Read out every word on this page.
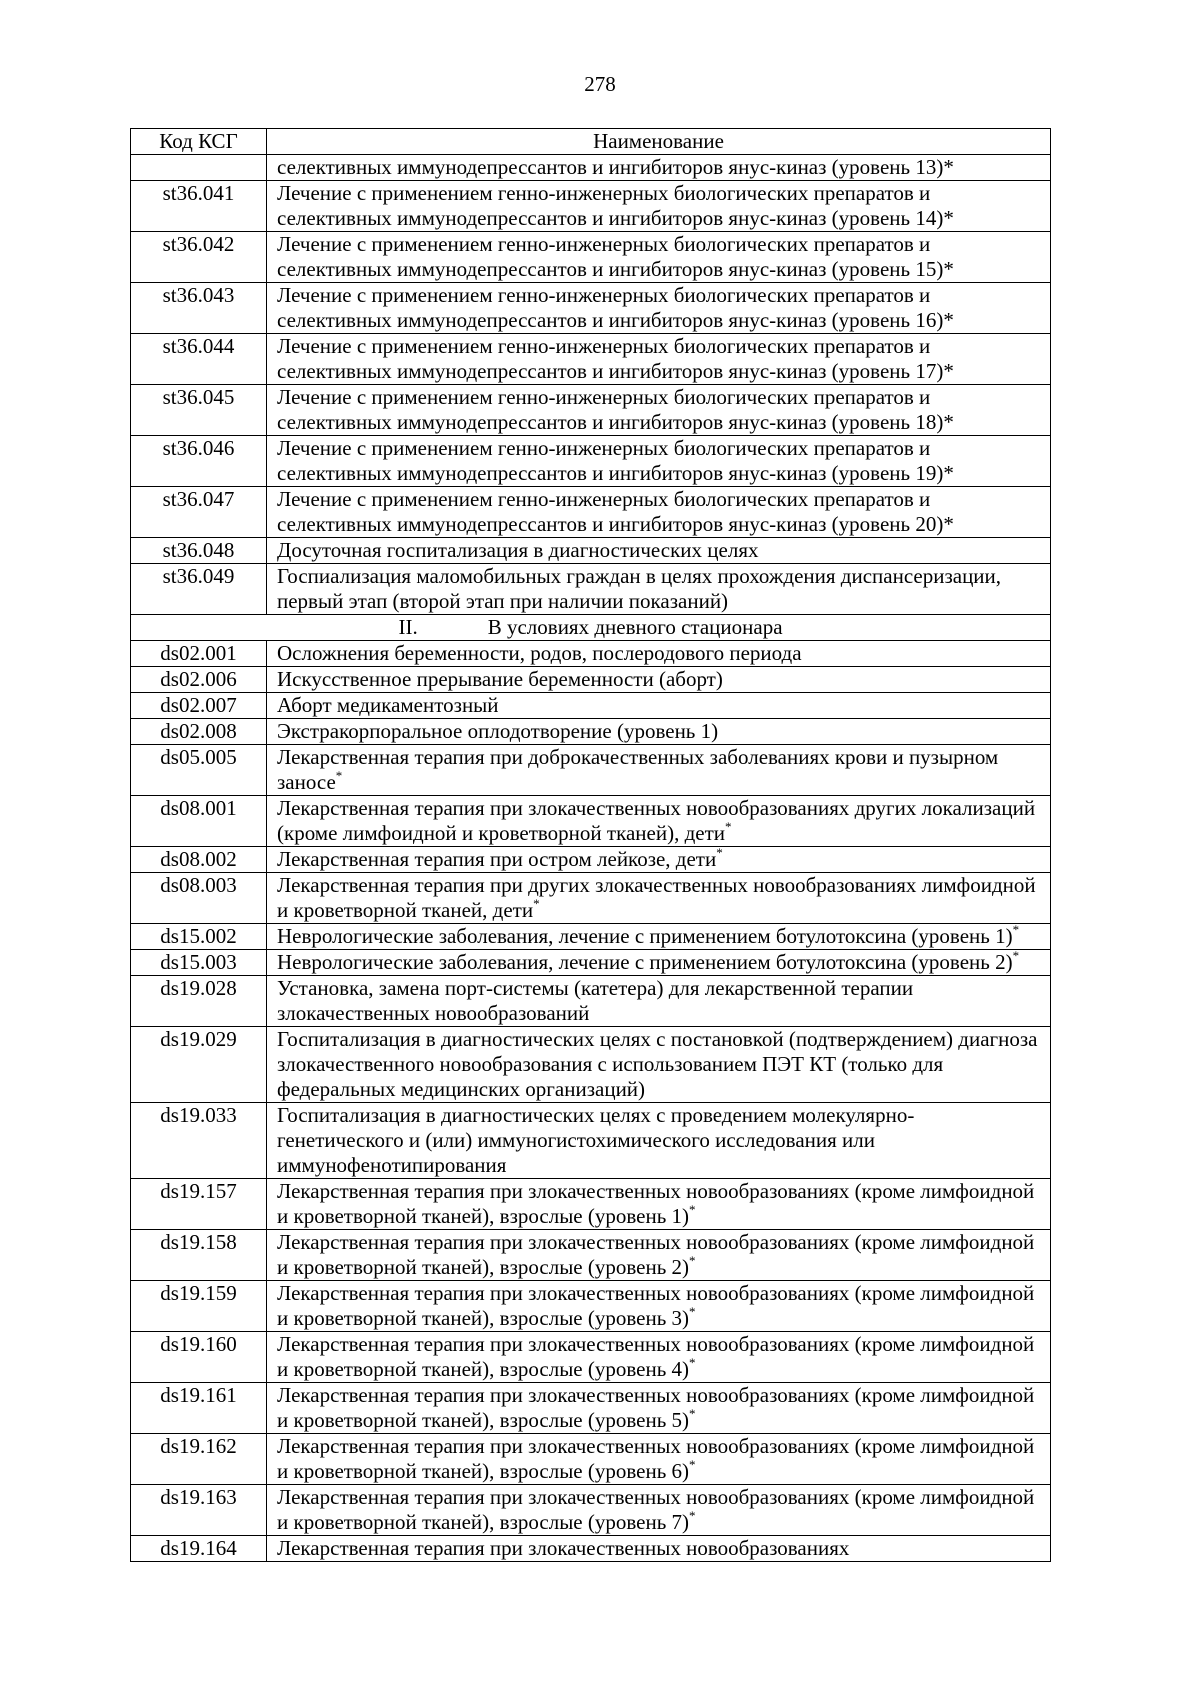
278
Код КСГ	Наименование
	селективных иммунодепрессантов и ингибиторов янус-киназ (уровень 13)*
st36.041	Лечение с применением генно-инженерных биологических препаратов и селективных иммунодепрессантов и ингибиторов янус-киназ (уровень 14)*
st36.042	Лечение с применением генно-инженерных биологических препаратов и селективных иммунодепрессантов и ингибиторов янус-киназ (уровень 15)*
st36.043	Лечение с применением генно-инженерных биологических препаратов и селективных иммунодепрессантов и ингибиторов янус-киназ (уровень 16)*
st36.044	Лечение с применением генно-инженерных биологических препаратов и селективных иммунодепрессантов и ингибиторов янус-киназ (уровень 17)*
st36.045	Лечение с применением генно-инженерных биологических препаратов и селективных иммунодепрессантов и ингибиторов янус-киназ (уровень 18)*
st36.046	Лечение с применением генно-инженерных биологических препаратов и селективных иммунодепрессантов и ингибиторов янус-киназ (уровень 19)*
st36.047	Лечение с применением генно-инженерных биологических препаратов и селективных иммунодепрессантов и ингибиторов янус-киназ (уровень 20)*
st36.048	Досуточная госпитализация в диагностических целях
st36.049	Госпиализация маломобильных граждан в целях прохождения диспансеризации, первый этап (второй этап при наличии показаний)
II. В условиях дневного стационара	
ds02.001	Осложнения беременности, родов, послеродового периода
ds02.006	Искусственное прерывание беременности (аборт)
ds02.007	Аборт медикаментозный
ds02.008	Экстракорпоральное оплодотворение (уровень 1)
ds05.005	Лекарственная терапия при доброкачественных заболеваниях крови и пузырном заносе*
ds08.001	Лекарственная терапия при злокачественных новообразованиях других локализаций (кроме лимфоидной и кроветворной тканей), дети*
ds08.002	Лекарственная терапия при остром лейкозе, дети*
ds08.003	Лекарственная терапия при других злокачественных новообразованиях лимфоидной и кроветворной тканей, дети*
ds15.002	Неврологические заболевания, лечение с применением ботулотоксина (уровень 1)*
ds15.003	Неврологические заболевания, лечение с применением ботулотоксина (уровень 2)*
ds19.028	Установка, замена порт-системы (катетера) для лекарственной терапии злокачественных новообразований
ds19.029	Госпитализация в диагностических целях с постановкой (подтверждением) диагноза злокачественного новообразования с использованием ПЭТ КТ (только для федеральных медицинских организаций)
ds19.033	Госпитализация в диагностических целях с проведением молекулярно-генетического и (или) иммуногистохимического исследования или иммунофенотипирования
ds19.157	Лекарственная терапия при злокачественных новообразованиях (кроме лимфоидной и кроветворной тканей), взрослые (уровень 1)*
ds19.158	Лекарственная терапия при злокачественных новообразованиях (кроме лимфоидной и кроветворной тканей), взрослые (уровень 2)*
ds19.159	Лекарственная терапия при злокачественных новообразованиях (кроме лимфоидной и кроветворной тканей), взрослые (уровень 3)*
ds19.160	Лекарственная терапия при злокачественных новообразованиях (кроме лимфоидной и кроветворной тканей), взрослые (уровень 4)*
ds19.161	Лекарственная терапия при злокачественных новообразованиях (кроме лимфоидной и кроветворной тканей), взрослые (уровень 5)*
ds19.162	Лекарственная терапия при злокачественных новообразованиях (кроме лимфоидной и кроветворной тканей), взрослые (уровень 6)*
ds19.163	Лекарственная терапия при злокачественных новообразованиях (кроме лимфоидной и кроветворной тканей), взрослые (уровень 7)*
ds19.164	Лекарственная терапия при злокачественных новообразованиях
